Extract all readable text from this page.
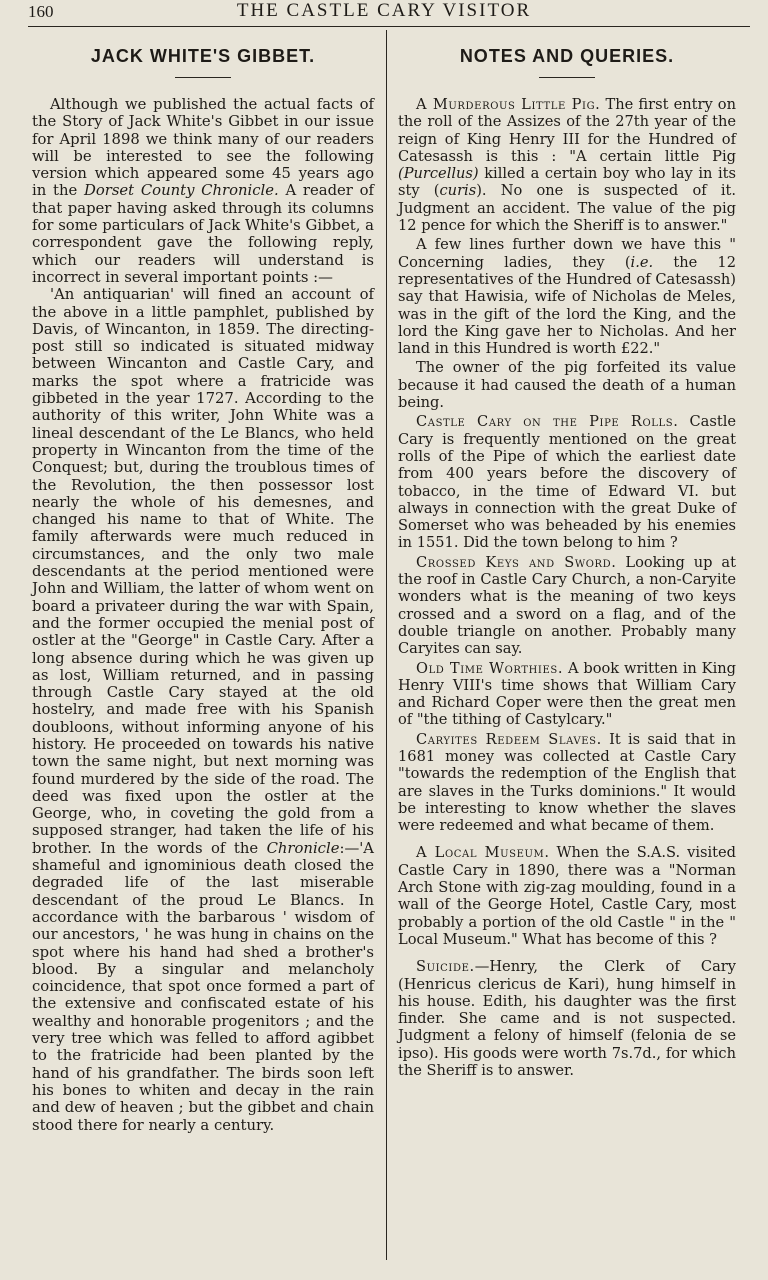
160	THE CASTLE CARY VISITOR
JACK WHITE'S GIBBET.

Although we published the actual facts of the Story of Jack White's Gibbet in our issue for April 1898 we think many of our readers will be interested to see the following version which appeared some 45 years ago in the Dorset County Chronicle. A reader of that paper having asked through its columns for some particulars of Jack White's Gibbet, a correspondent gave the following reply, which our readers will understand is incorrect in several important points :—

'An antiquarian' will fined an account of the above in a little pamphlet, published by Davis, of Wincanton, in 1859. The directing-post still so indicated is situated midway between Wincanton and Castle Cary, and marks the spot where a fratricide was gibbeted in the year 1727. According to the authority of this writer, John White was a lineal descendant of the Le Blancs, who held property in Wincanton from the time of the Conquest; but, during the troublous times of the Revolution, the then possessor lost nearly the whole of his demesnes, and changed his name to that of White. The family afterwards were much reduced in circumstances, and the only two male descendants at the period mentioned were John and William, the latter of whom went on board a privateer during the war with Spain, and the former occupied the menial post of ostler at the "George" in Castle Cary. After a long absence during which he was given up as lost, William returned, and in passing through Castle Cary stayed at the old hostelry, and made free with his Spanish doubloons, without informing anyone of his history. He proceeded on towards his native town the same night, but next morning was found murdered by the side of the road. The deed was fixed upon the ostler at the George, who, in coveting the gold from a supposed stranger, had taken the life of his brother. In the words of the Chronicle:—'A shameful and ignominious death closed the degraded life of the last miserable descendant of the proud Le Blancs. In accordance with the barbarous ' wisdom of our ancestors, ' he was hung in chains on the spot where his hand had shed a brother's blood. By a singular and melancholy coincidence, that spot once formed a part of the extensive and confiscated estate of his wealthy and honorable progenitors ; and the very tree which was felled to afford agibbet to the fratricide had been planted by the hand of his grandfather. The birds soon left his bones to whiten and decay in the rain and dew of heaven ; but the gibbet and chain stood there for nearly a century.

NOTES AND QUERIES.

A Murderous Little Pig. The first entry on the roll of the Assizes of the 27th year of the reign of King Henry III for the Hundred of Catesassh is this : "A certain little Pig (Purcellus) killed a certain boy who lay in its sty (curis). No one is suspected of it. Judgment an accident. The value of the pig 12 pence for which the Sheriff is to answer."

A few lines further down we have this " Concerning ladies, they (i.e. the 12 representatives of the Hundred of Catesassh) say that Hawisia, wife of Nicholas de Meles, was in the gift of the lord the King, and the lord the King gave her to Nicholas. And her land in this Hundred is worth £22."

The owner of the pig forfeited its value because it had caused the death of a human being.

Castle Cary on the Pipe Rolls. Castle Cary is frequently mentioned on the great rolls of the Pipe of which the earliest date from 400 years before the discovery of tobacco, in the time of Edward VI. but always in connection with the great Duke of Somerset who was beheaded by his enemies in 1551. Did the town belong to him ?

Crossed Keys and Sword. Looking up at the roof in Castle Cary Church, a non-Caryite wonders what is the meaning of two keys crossed and a sword on a flag, and of the double triangle on another. Probably many Caryites can say.

Old Time Worthies. A book written in King Henry VIII's time shows that William Cary and Richard Coper were then the great men of "the tithing of Castylcary."

Caryites Redeem Slaves. It is said that in 1681 money was collected at Castle Cary "towards the redemption of the English that are slaves in the Turks dominions." It would be interesting to know whether the slaves were redeemed and what became of them.

A Local Museum. When the S.A.S. visited Castle Cary in 1890, there was a "Norman Arch Stone with zig-zag moulding, found in a wall of the George Hotel, Castle Cary, most probably a portion of the old Castle " in the " Local Museum." What has become of this ?

Suicide.—Henry, the Clerk of Cary (Henricus clericus de Kari), hung himself in his house. Edith, his daughter was the first finder. She came and is not suspected. Judgment a felony of himself (felonia de se ipso). His goods were worth 7s.7d., for which the Sheriff is to answer.
